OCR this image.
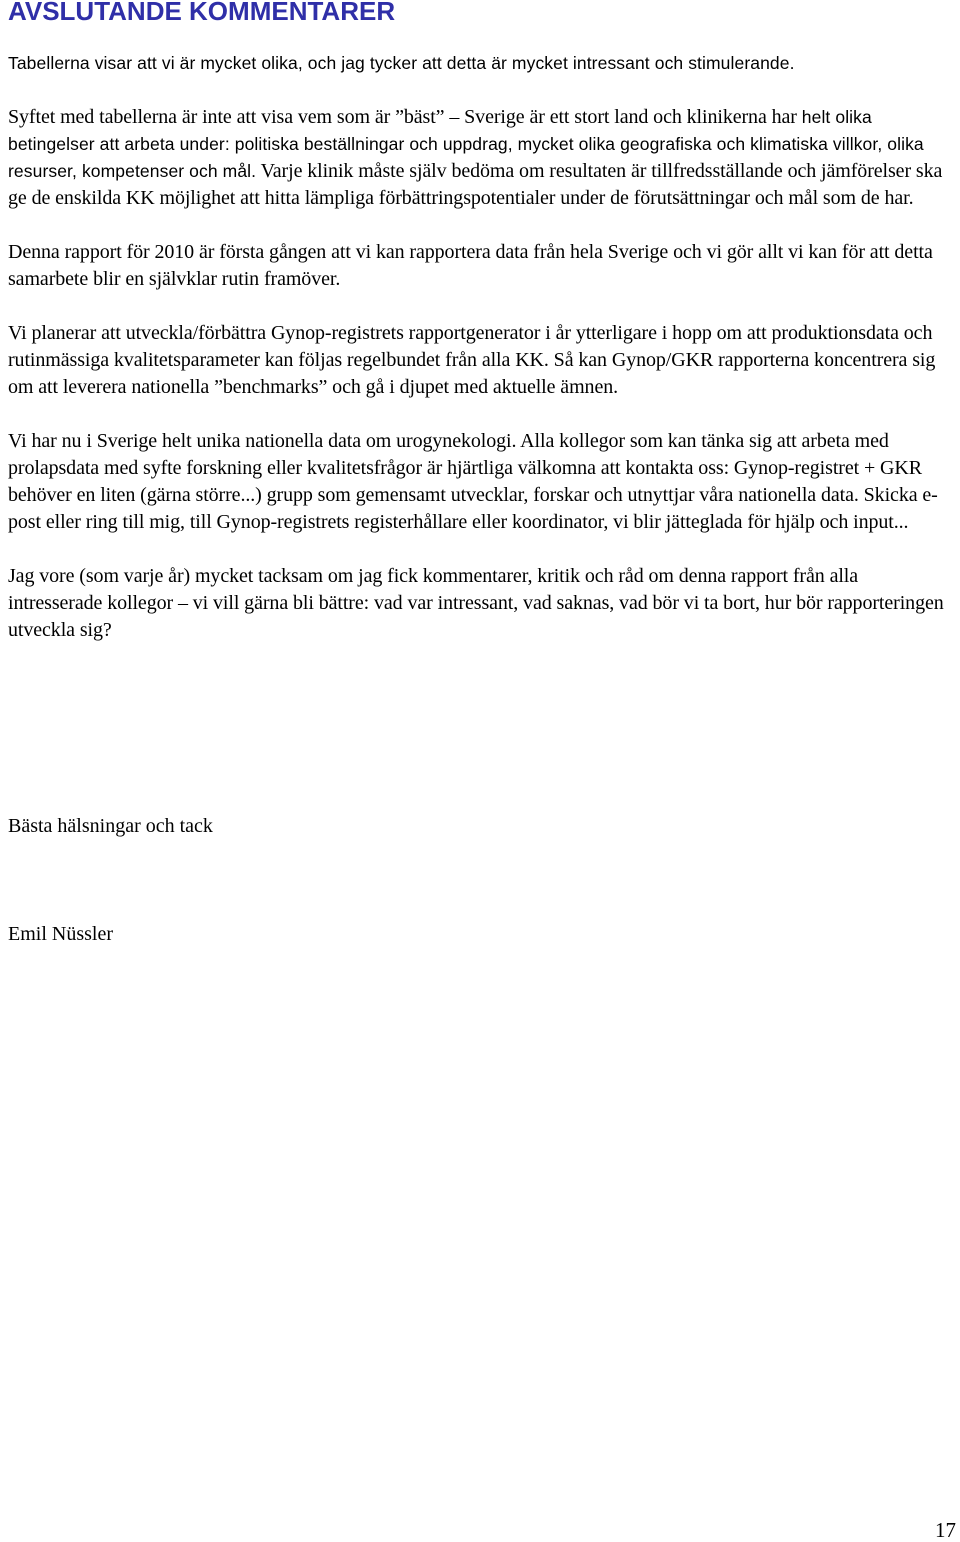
AVSLUTANDE KOMMENTARER

Tabellerna visar att vi är mycket olika, och jag tycker att detta är mycket intressant och stimulerande.

Syftet med tabellerna är inte att visa vem som är ”bäst” – Sverige är ett stort land och klinikerna har helt olika betingelser att arbeta under: politiska beställningar och uppdrag, mycket olika geografiska och klimatiska villkor, olika resurser, kompetenser och mål. Varje klinik måste själv bedöma om resultaten är tillfredsställande och jämförelser ska ge de enskilda KK möjlighet att hitta lämpliga förbättringspotentialer under de förutsättningar och mål som de har.

Denna rapport för 2010 är första gången att vi kan rapportera data från hela Sverige och vi gör allt vi kan för att detta samarbete blir en självklar rutin framöver.

Vi planerar att utveckla/förbättra Gynop-registrets rapportgenerator i år ytterligare i hopp om att produktionsdata och rutinmässiga kvalitetsparameter kan följas regelbundet från alla KK. Så kan Gynop/GKR rapporterna koncentrera sig om att leverera nationella ”benchmarks” och gå i djupet med aktuelle ämnen.

Vi har nu i Sverige helt unika nationella data om urogynekologi. Alla kollegor som kan tänka sig att arbeta med prolapsdata med syfte forskning eller kvalitetsfrågor är hjärtliga välkomna att kontakta oss: Gynop-registret + GKR behöver en liten (gärna större...) grupp som gemensamt utvecklar, forskar och utnyttjar våra nationella data. Skicka e-post eller ring till mig, till Gynop-registrets registerhållare eller koordinator, vi blir jätteglada för hjälp och input...

Jag vore (som varje år) mycket tacksam om jag fick kommentarer, kritik och råd om denna rapport från alla intresserade kollegor – vi vill gärna bli bättre: vad var intressant, vad saknas, vad bör vi ta bort, hur bör rapporteringen utveckla sig?

Bästa hälsningar och tack

Emil Nüssler

17
